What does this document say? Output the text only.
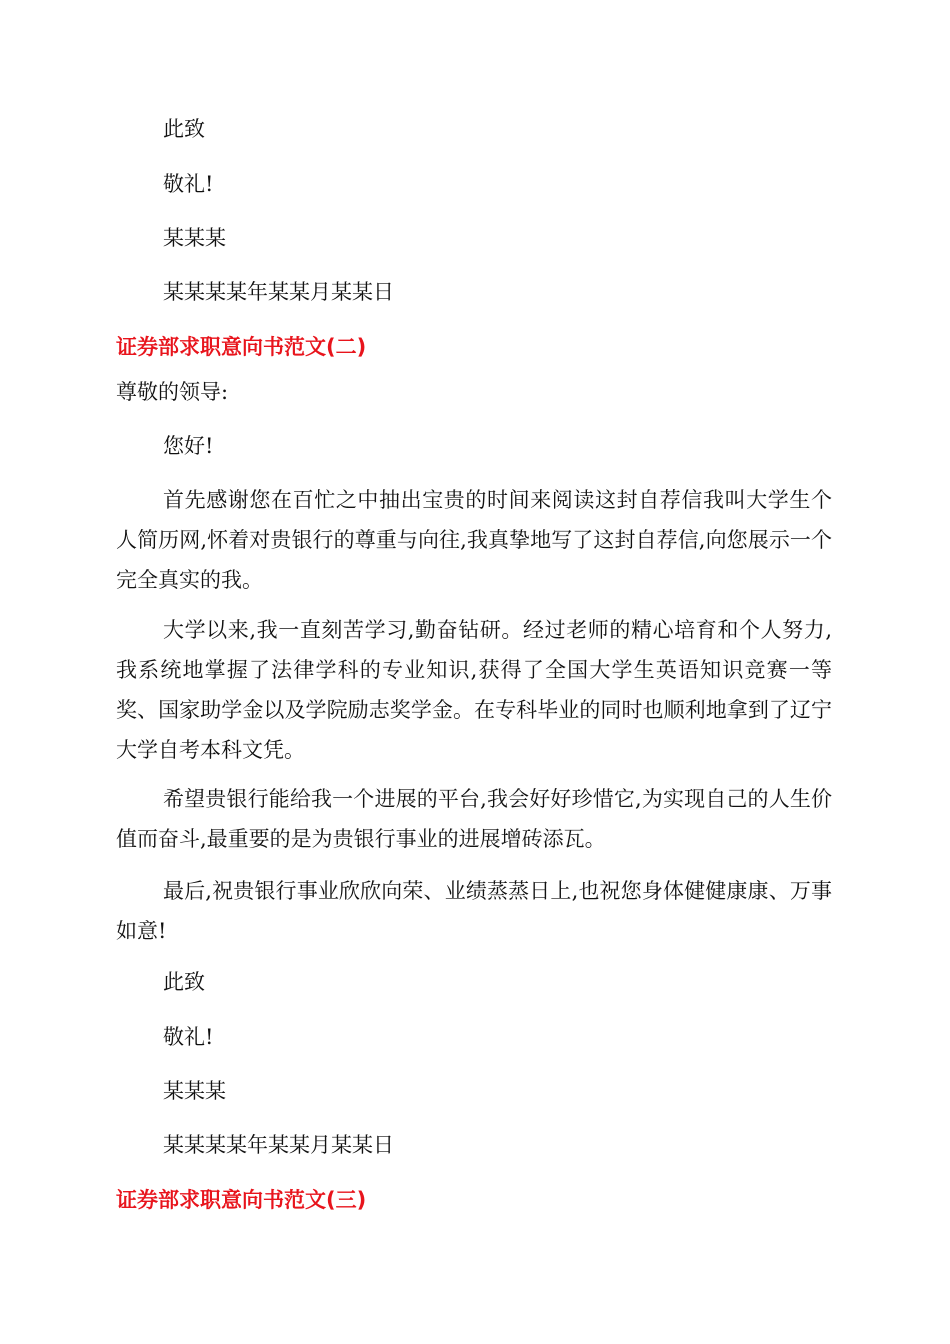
此致
敬礼!
某某某
某某某某年某某月某某日
证券部求职意向书范文(二)
尊敬的领导:
您好!
首先感谢您在百忙之中抽出宝贵的时间来阅读这封自荐信我叫大学生个人简历网,怀着对贵银行的尊重与向往,我真挚地写了这封自荐信,向您展示一个完全真实的我。
大学以来,我一直刻苦学习,勤奋钻研。经过老师的精心培育和个人努力,我系统地掌握了法律学科的专业知识,获得了全国大学生英语知识竞赛一等奖、国家助学金以及学院励志奖学金。在专科毕业的同时也顺利地拿到了辽宁大学自考本科文凭。
希望贵银行能给我一个进展的平台,我会好好珍惜它,为实现自己的人生价值而奋斗,最重要的是为贵银行事业的进展增砖添瓦。
最后,祝贵银行事业欣欣向荣、业绩蒸蒸日上,也祝您身体健健康康、万事如意!
此致
敬礼!
某某某
某某某某年某某月某某日
证券部求职意向书范文(三)
